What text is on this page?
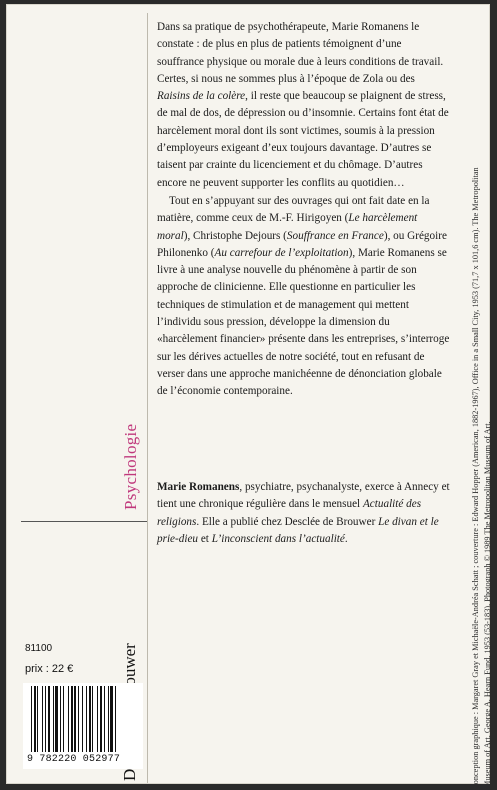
Dans sa pratique de psychothérapeute, Marie Romanens le constate : de plus en plus de patients témoignent d’une souffrance physique ou morale due à leurs conditions de travail. Certes, si nous ne sommes plus à l’époque de Zola ou des Raisins de la colère, il reste que beaucoup se plaignent de stress, de mal de dos, de dépression ou d’insomnie. Certains font état de harcèlement moral dont ils sont victimes, soumis à la pression d’employeurs exigeant d’eux toujours davantage. D’autres se taisent par crainte du licenciement et du chômage. D’autres encore ne peuvent supporter les conflits au quotidien…

Tout en s’appuyant sur des ouvrages qui ont fait date en la matière, comme ceux de M.-F. Hirigoyen (Le harcèlement moral), Christophe Dejours (Souffrance en France), ou Grégoire Philonenko (Au carrefour de l’exploitation), Marie Romanens se livre à une analyse nouvelle du phénomène à partir de son approche de clinicienne. Elle questionne en particulier les techniques de stimulation et de management qui mettent l’individu sous pression, développe la dimension du «harcèlement financier» présente dans les entreprises, s’interroge sur les dérives actuelles de notre société, tout en refusant de verser dans une approche manichéenne de dénonciation globale de l’économie contemporaine.

Marie Romanens, psychiatre, psychanalyste, exerce à Annecy et tient une chronique régulière dans le mensuel Actualité des religions. Elle a publié chez Desclée de Brouwer Le divan et le prie-dieu et L’inconscient dans l’actualité.

Psychologie	conception graphique : Margaret Gray et Michaële-Andréa Schatt ; couverture : Edward Hopper (American, 1882-1967), Office in a Small City, 1953 (71,7 x 101,6 cm). The Metropolitan Museum of Art, George A. Hearn Fund, 1953 (53-183). Photograph © 1989 The Metropolitan Museum of Art.
81100
prix : 22 €
9 782220 052977
